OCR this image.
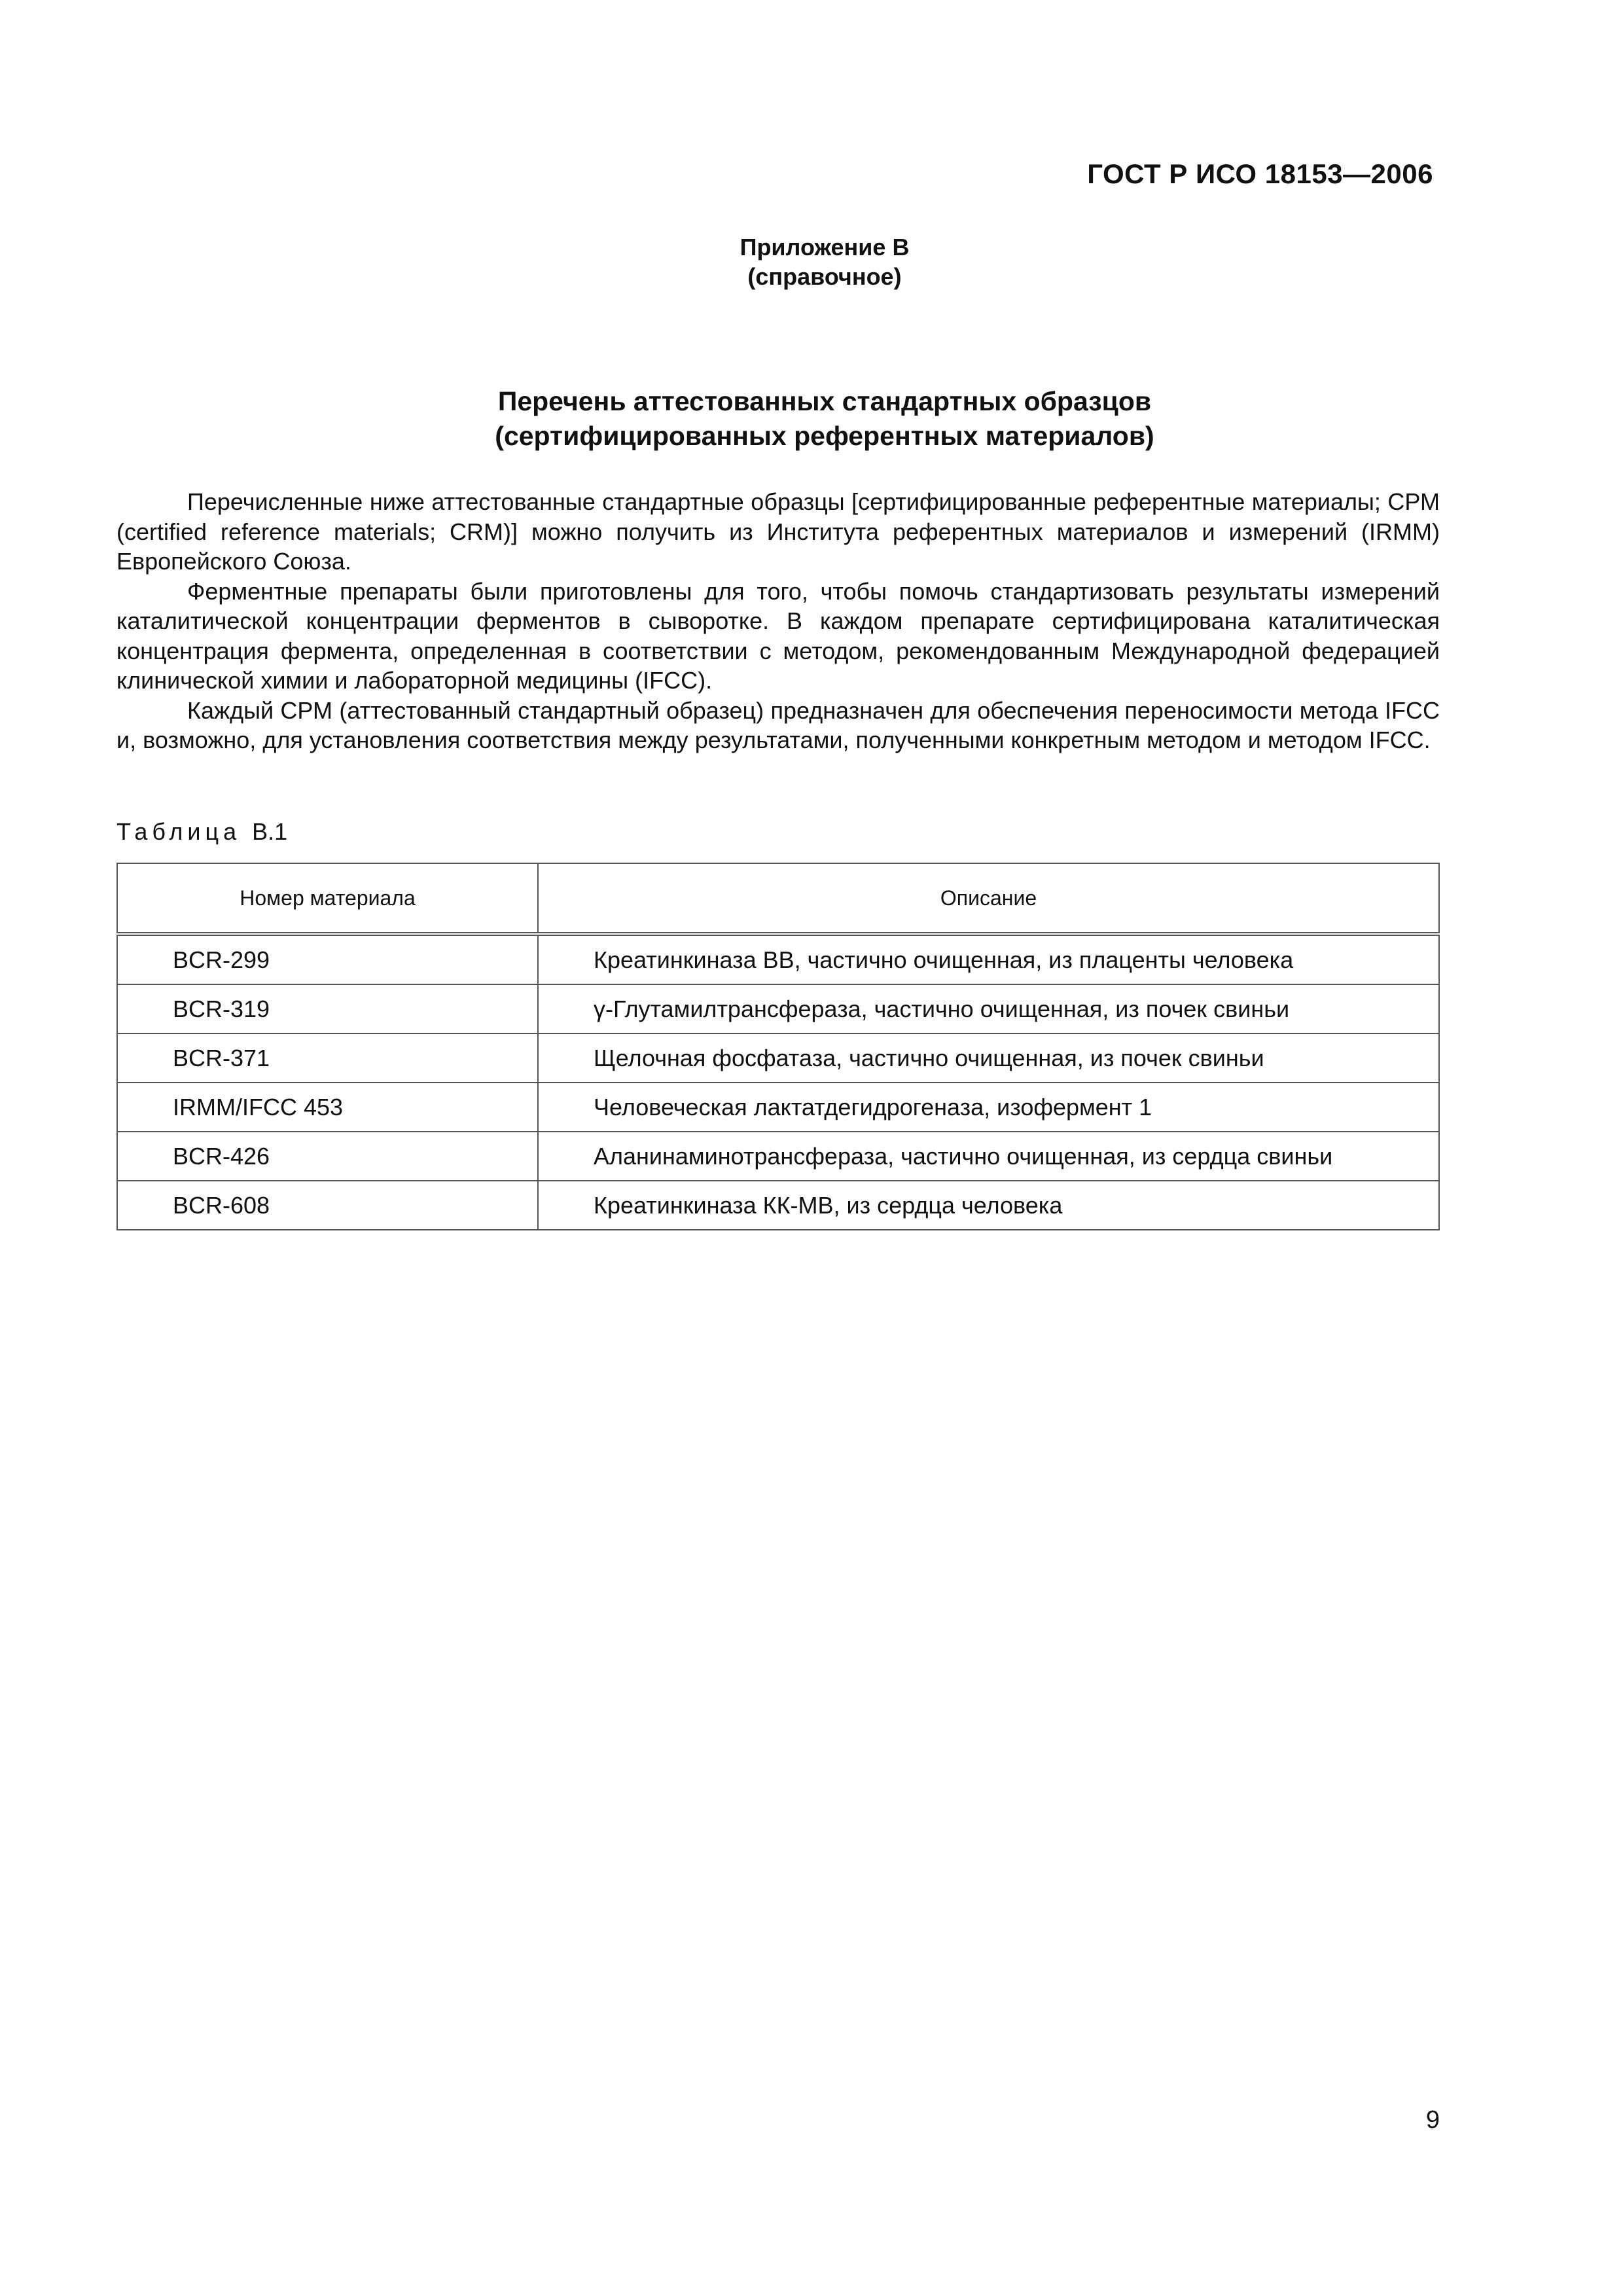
ГОСТ Р ИСО 18153—2006
Приложение В
(справочное)
Перечень аттестованных стандартных образцов
(сертифицированных референтных материалов)

Перечисленные ниже аттестованные стандартные образцы [сертифицированные референтные материалы; СРМ (certified reference materials; CRM)] можно получить из Института референтных материалов и измерений (IRMM) Европейского Союза.

Ферментные препараты были приготовлены для того, чтобы помочь стандартизовать результаты измерений каталитической концентрации ферментов в сыворотке. В каждом препарате сертифицирована каталитическая концентрация фермента, определенная в соответствии с методом, рекомендованным Международной федерацией клинической химии и лабораторной медицины (IFCC).

Каждый СРМ (аттестованный стандартный образец) предназначен для обеспечения переносимости метода IFCC и, возможно, для установления соответствия между результатами, полученными конкретным методом и методом IFCC.

Таблица В.1
Номер материала	Описание
BCR-299	Креатинкиназа ВВ, частично очищенная, из плаценты человека
BCR-319	γ-Глутамилтрансфераза, частично очищенная, из почек свиньи
BCR-371	Щелочная фосфатаза, частично очищенная, из почек свиньи
IRMM/IFCC 453	Человеческая лактатдегидрогеназа, изофермент 1
BCR-426	Аланинаминотрансфераза, частично очищенная, из сердца свиньи
BCR-608	Креатинкиназа КК-МВ, из сердца человека
9
